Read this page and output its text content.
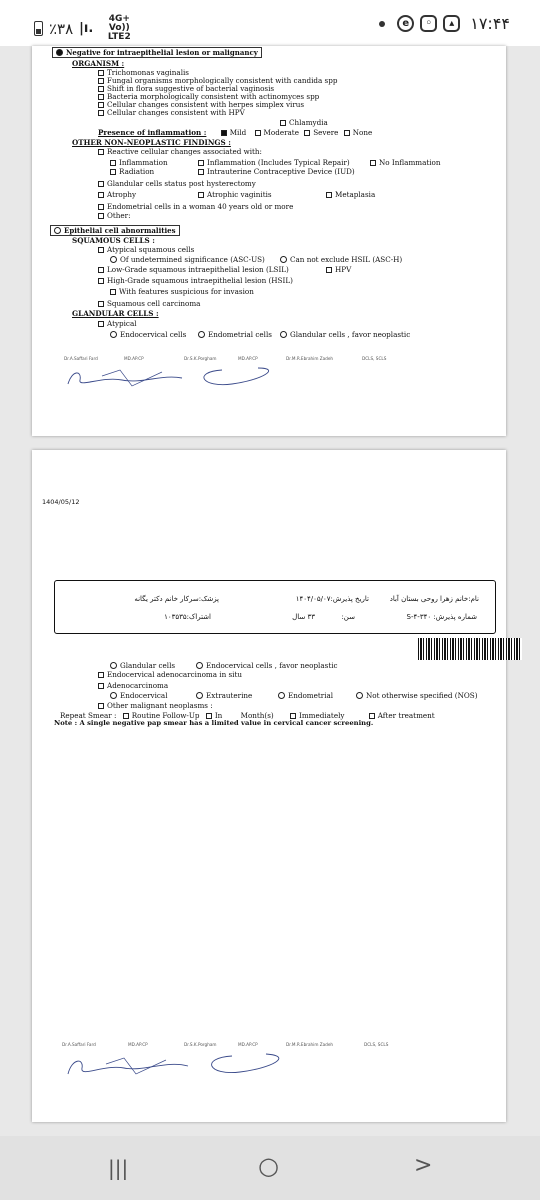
٪۳۸ |ı.
4G+ Vo)) LTE2
e	◦	▴ ۱۷:۴۴
Negative for intraepithelial lesion or malignancy
ORGANISM :
Trichomonas vaginalis
Fungal organisms morphologically consistent with candida spp
Shift in flora suggestive of bacterial vaginosis
Bacteria morphologically consistent with actinomyces spp
Cellular changes consistent with herpes simplex virus
Cellular changes consistent with HPV
Chlamydia
Presence of inflammation :	Mild Moderate Severe None
OTHER NON-NEOPLASTIC FINDINGS :
Reactive cellular changes associated with:
Inflammation	Inflammation (Includes Typical Repair)	No Inflammation
Radiation	Intrauterine Contraceptive Device (IUD)
Glandular cells status post hysterectomy
Atrophy	Atrophic vaginitis	Metaplasia
Endometrial cells in a woman 40 years old or more
Other:
Epithelial cell abnormalities
SQUAMOUS CELLS :
Atypical squamous cells
Of undetermined significance (ASC-US)	Can not exclude HSIL (ASC-H)
Low-Grade squamous intraepithelial lesion (LSIL)	HPV
High-Grade squamous intraepithelial lesion (HSIL)
With features suspicious for invasion
Squamous cell carcinoma
GLANDULAR CELLS :
Atypical
Endocervical cells	Endometrial cells	Glandular cells , favor neoplastic
Dr.A.Saffari Fard	MD.AP.CP	Dr.S.K.Porgham	MD.AP.CP	Dr.M.R.Ebrahim Zadeh	DCLS, SCLS
1404/05/12
نام:خانم زهرا روحی بستان آباد
تاریخ پذیرش:۱۴۰۴/۰۵/۰۷
پزشک:سرکار خانم دکتر یگانه
شماره پذیرش: ۳۴۰-۴-S
سن:
۳۳ سال
اشتراک:۱۰۳۵۳۵
Glandular cells	Endocervical cells , favor neoplastic
Endocervical adenocarcinoma in situ
Adenocarcinoma
Endocervical	Extrauterine	Endometrial	Not otherwise specified (NOS)
Other malignant neoplasms :
Repeat Smear : Routine Follow-Up In	Month(s)	Immediately	After treatment
Note : A single negative pap smear has a limited value in cervical cancer screening.
Dr.A.Saffari Fard	MD.AP.CP	Dr.S.K.Porgham	MD.AP.CP	Dr.M.R.Ebrahim Zadeh	DCLS, SCLS
|||	○	>
